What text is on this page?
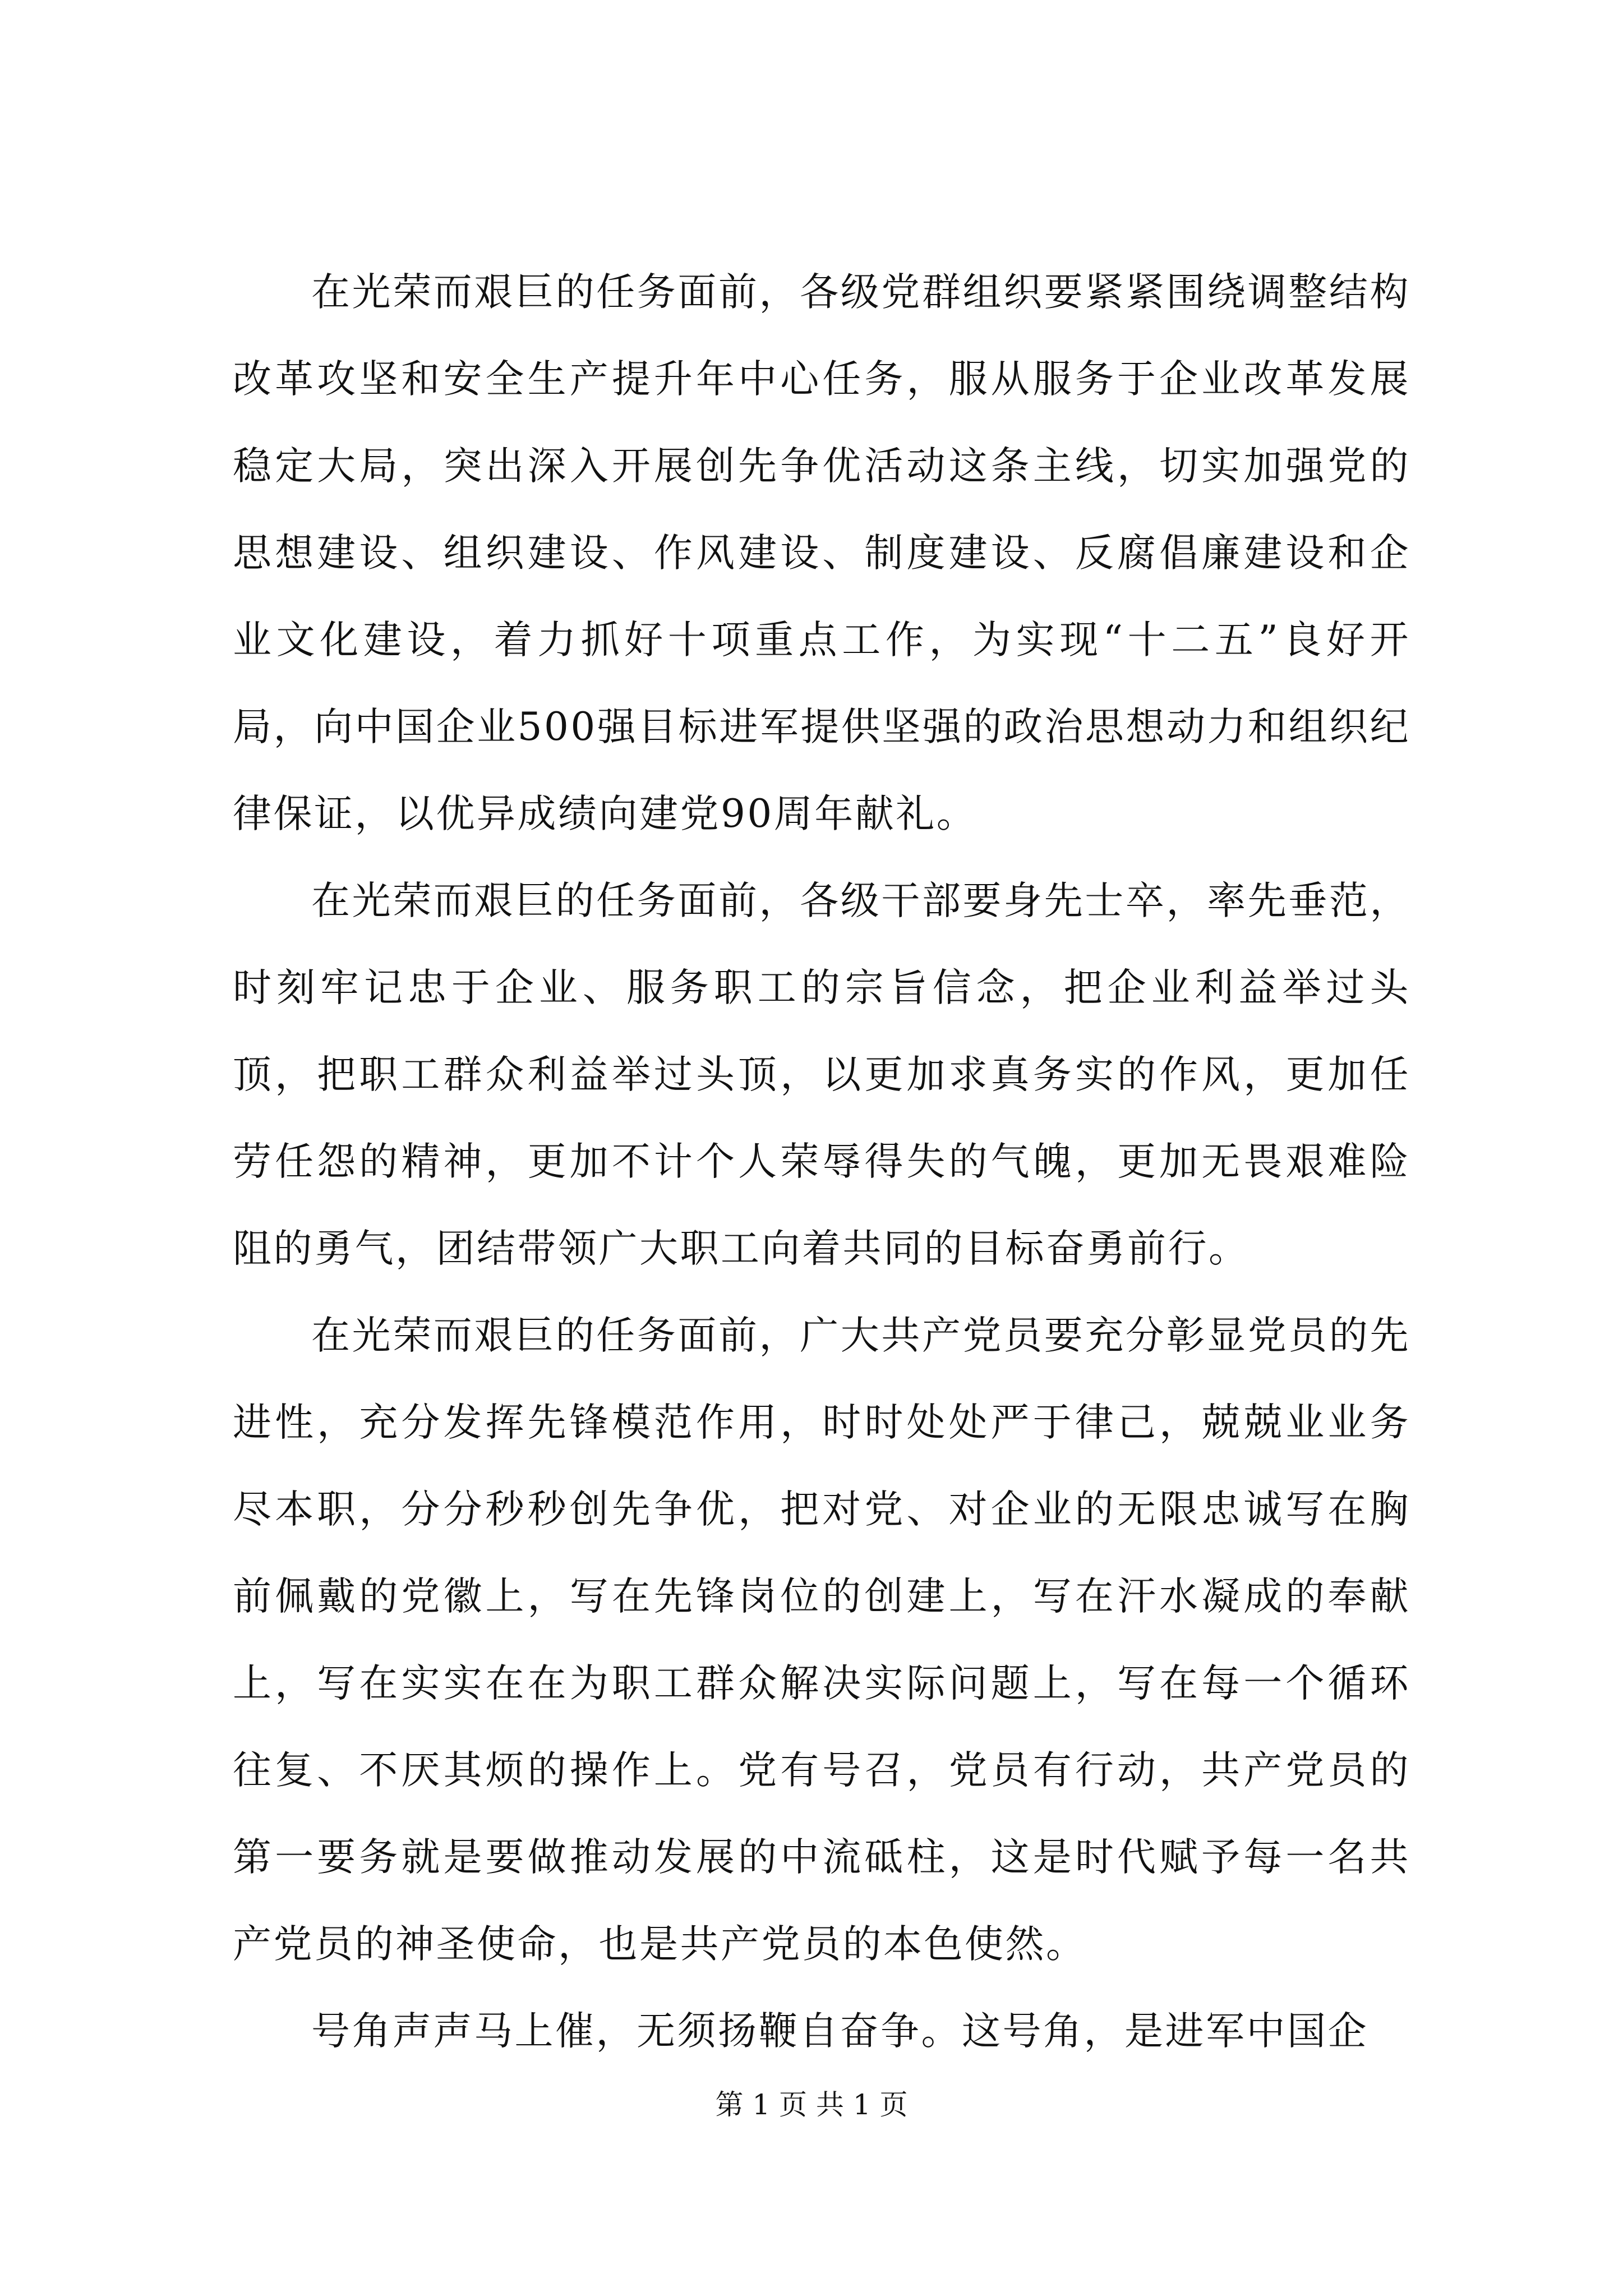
在光荣而艰巨的任务面前，各级党群组织要紧紧围绕调整结构改革攻坚和安全生产提升年中心任务，服从服务于企业改革发展稳定大局，突出深入开展创先争优活动这条主线，切实加强党的思想建设、组织建设、作风建设、制度建设、反腐倡廉建设和企业文化建设，着力抓好十项重点工作，为实现“十二五”良好开局，向中国企业500强目标进军提供坚强的政治思想动力和组织纪律保证，以优异成绩向建党90周年献礼。

在光荣而艰巨的任务面前，各级干部要身先士卒，率先垂范，时刻牢记忠于企业、服务职工的宗旨信念，把企业利益举过头顶，把职工群众利益举过头顶，以更加求真务实的作风，更加任劳任怨的精神，更加不计个人荣辱得失的气魄，更加无畏艰难险阻的勇气，团结带领广大职工向着共同的目标奋勇前行。

在光荣而艰巨的任务面前，广大共产党员要充分彰显党员的先进性，充分发挥先锋模范作用，时时处处严于律己，兢兢业业务尽本职，分分秒秒创先争优，把对党、对企业的无限忠诚写在胸前佩戴的党徽上，写在先锋岗位的创建上，写在汗水凝成的奉献上，写在实实在在为职工群众解决实际问题上，写在每一个循环往复、不厌其烦的操作上。党有号召，党员有行动，共产党员的第一要务就是要做推动发展的中流砥柱，这是时代赋予每一名共产党员的神圣使命，也是共产党员的本色使然。

号角声声马上催，无须扬鞭自奋争。这号角，是进军中国企

第 1 页 共 1 页
